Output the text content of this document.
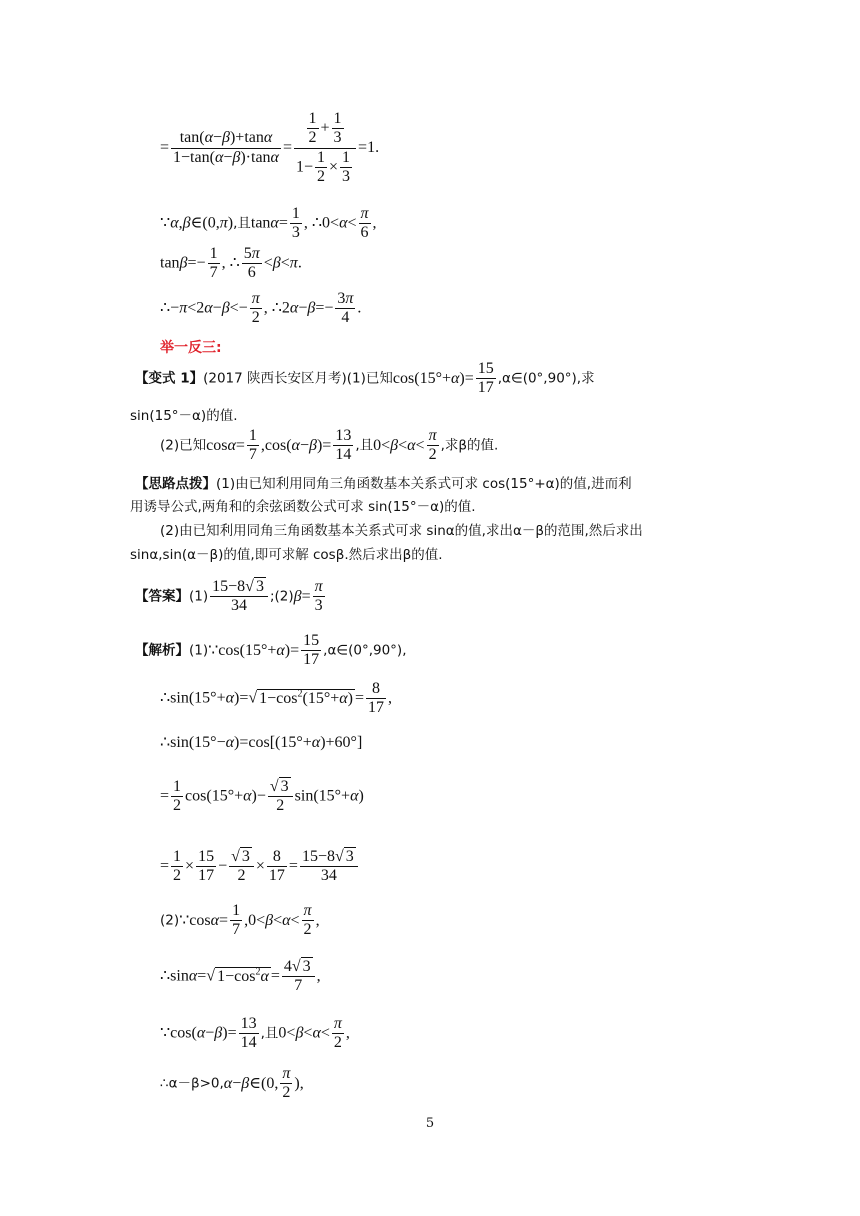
= $\frac{\tan(\alpha-\beta)+\tan\alpha}{1-\tan(\alpha-\beta)\cdot\tan\alpha} = \frac{\frac{1}{2} + \frac{1}{3}}{1- \frac{1}{2} \times \frac{1}{3}} =1$.
∵α,β∈(0,π),且$\tan\alpha= \frac{1}{3}$ , ∴0<α< $\frac{\pi}{6}$ ,
$\tan\beta=- \frac{1}{7}$ , ∴ $\frac{5\pi}{6} <\beta<\pi$.
∴−π<2α−β<− $\frac{\pi}{2}$ , ∴2α−β=− $\frac{3\pi}{4}$ .
举一反三:
【变式 1】(2017 陕西长安区月考)(1)已知$\cos(15^\circ+\alpha)= \frac{15}{17}$ ,α∈(0°,90°),求
sin(15°－α)的值.
(2)已知$\cos\alpha= \frac{1}{7} ,\cos(\alpha-\beta)= \frac{13}{14}$ ,且$0<\beta<\alpha< \frac{\pi}{2}$ ,求β的值.
【思路点拨】(1)由已知利用同角三角函数基本关系式可求 cos(15°+α)的值,进而利
用诱导公式,两角和的余弦函数公式可求 sin(15°－α)的值.
(2)由已知利用同角三角函数基本关系式可求 sinα的值,求出α－β的范围,然后求出
sinα,sin(α－β)的值,即可求解 cosβ.然后求出β的值.
【答案】$(1) \frac{15-8√ 3}{34}$ ;(2)β= $\frac{\pi}{3}$
【解析】(1)∵cos(15°+α)= $\frac{15}{17}$ ,α∈(0°,90°),
∴sin(15°+α)=√ $1-\cos^2(15^\circ+\alpha) = \frac{8}{17}$ ,
∴sin(15°−α)=cos[(15°+α)+60°]
= $\frac{1}{2} \cos(15^\circ+\alpha)- \frac{√ 3}{2} \sin(15^\circ+\alpha)$
= $\frac{1}{2} \times \frac{15}{17} - \frac{√ 3}{2} \times \frac{8}{17} = \frac{15-8√ 3}{34}$
(2)∵cosα= $\frac{1}{7} ,0<\beta<\alpha< \frac{\pi}{2}$ ,
∴sinα=√ $1-\cos^2\alpha = \frac{4√ 3}{7}$ ,
∵cos(α−β)= $\frac{13}{14}$ ,且$0<\beta<\alpha< \frac{\pi}{2}$ ,
∴α－β>0,α−β∈(0, $\frac{\pi}{2}$ ),
5
